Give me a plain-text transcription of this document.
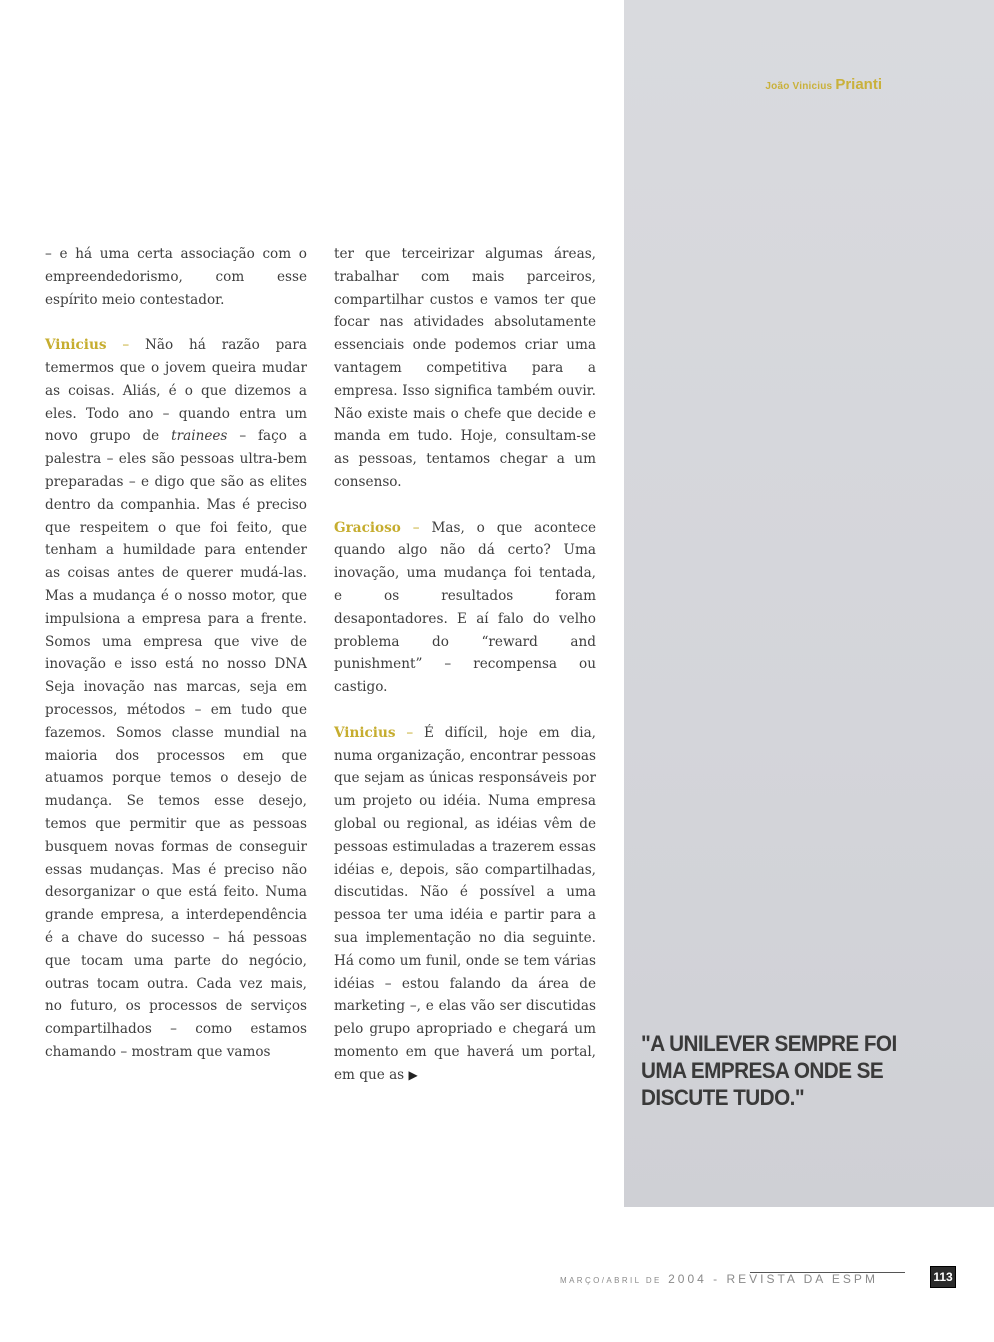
João Vinicius Prianti

– e há uma certa associação com o empreendedorismo, com esse espírito meio contestador.

Vinicius – Não há razão para temermos que o jovem queira mudar as coisas. Aliás, é o que dizemos a eles. Todo ano – quando entra um novo grupo de trainees – faço a palestra – eles são pessoas ultra-bem preparadas – e digo que são as elites dentro da companhia. Mas é preciso que respeitem o que foi feito, que tenham a humildade para entender as coisas antes de querer mudá-las. Mas a mudança é o nosso motor, que impulsiona a empresa para a frente. Somos uma empresa que vive de inovação e isso está no nosso DNA Seja inovação nas marcas, seja em processos, métodos – em tudo que fazemos. Somos classe mundial na maioria dos processos em que atuamos porque temos o desejo de mudança. Se temos esse desejo, temos que permitir que as pessoas busquem novas formas de conseguir essas mudanças. Mas é preciso não desorganizar o que está feito. Numa grande empresa, a interdependência é a chave do sucesso – há pessoas que tocam uma parte do negócio, outras tocam outra. Cada vez mais, no futuro, os processos de serviços compartilhados – como estamos chamando – mostram que vamos

ter que terceirizar algumas áreas, trabalhar com mais parceiros, compartilhar custos e vamos ter que focar nas atividades absolutamente essenciais onde podemos criar uma vantagem competitiva para a empresa. Isso significa também ouvir. Não existe mais o chefe que decide e manda em tudo. Hoje, consultam-se as pessoas, tentamos chegar a um consenso.

Gracioso – Mas, o que acontece quando algo não dá certo? Uma inovação, uma mudança foi tentada, e os resultados foram desapontadores. E aí falo do velho problema do “reward and punishment” – recompensa ou castigo.

Vinicius – É difícil, hoje em dia, numa organização, encontrar pessoas que sejam as únicas responsáveis por um projeto ou idéia. Numa empresa global ou regional, as idéias vêm de pessoas estimuladas a trazerem essas idéias e, depois, são compartilhadas, discutidas. Não é possível a uma pessoa ter uma idéia e partir para a sua implementação no dia seguinte. Há como um funil, onde se tem várias idéias – estou falando da área de marketing –, e elas vão ser discutidas pelo grupo apropriado e chegará um momento em que haverá um portal, em que as ▶

"A UNILEVER SEMPRE FOI UMA EMPRESA ONDE SE DISCUTE TUDO."
MARÇO/ABRIL DE 2004 - REVISTA DA ESPM	113
